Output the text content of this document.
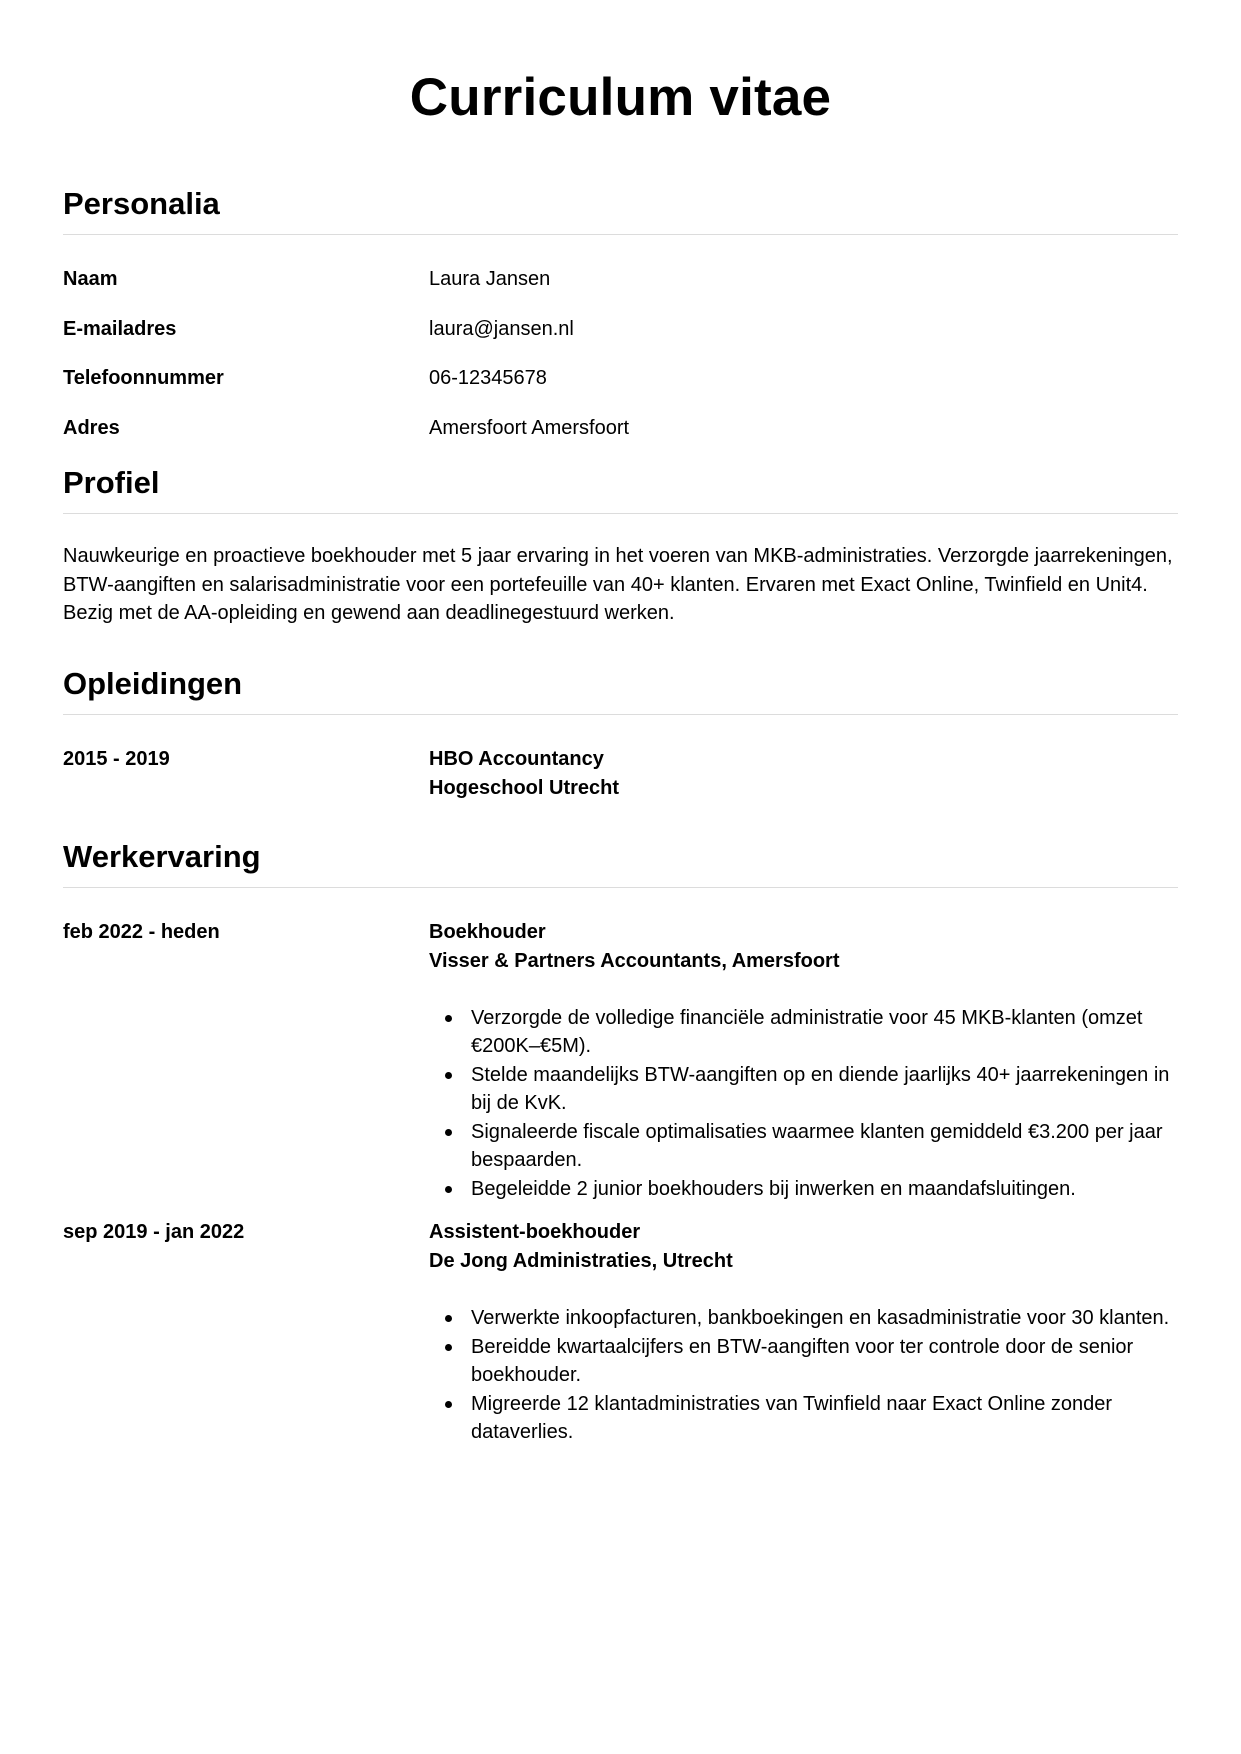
Curriculum vitae
Personalia
Naam	Laura Jansen
E-mailadres	laura@jansen.nl
Telefoonnummer	06-12345678
Adres	Amersfoort Amersfoort
Profiel

Nauwkeurige en proactieve boekhouder met 5 jaar ervaring in het voeren van MKB-administraties. Verzorgde jaarrekeningen, BTW-aangiften en salarisadministratie voor een portefeuille van 40+ klanten. Ervaren met Exact Online, Twinfield en Unit4. Bezig met de AA-opleiding en gewend aan deadlinegestuurd werken.

Opleidingen
2015 - 2019	HBO Accountancy
Hogeschool Utrecht
Werkervaring
feb 2022 - heden	Boekhouder
Visser & Partners Accountants, Amersfoort
Verzorgde de volledige financiële administratie voor 45 MKB-klanten (omzet €200K–€5M).
Stelde maandelijks BTW-aangiften op en diende jaarlijks 40+ jaarrekeningen in bij de KvK.
Signaleerde fiscale optimalisaties waarmee klanten gemiddeld €3.200 per jaar bespaarden.
Begeleidde 2 junior boekhouders bij inwerken en maandafsluitingen.
sep 2019 - jan 2022	Assistent-boekhouder
De Jong Administraties, Utrecht
Verwerkte inkoopfacturen, bankboekingen en kasadministratie voor 30 klanten.
Bereidde kwartaalcijfers en BTW-aangiften voor ter controle door de senior boekhouder.
Migreerde 12 klantadministraties van Twinfield naar Exact Online zonder dataverlies.
